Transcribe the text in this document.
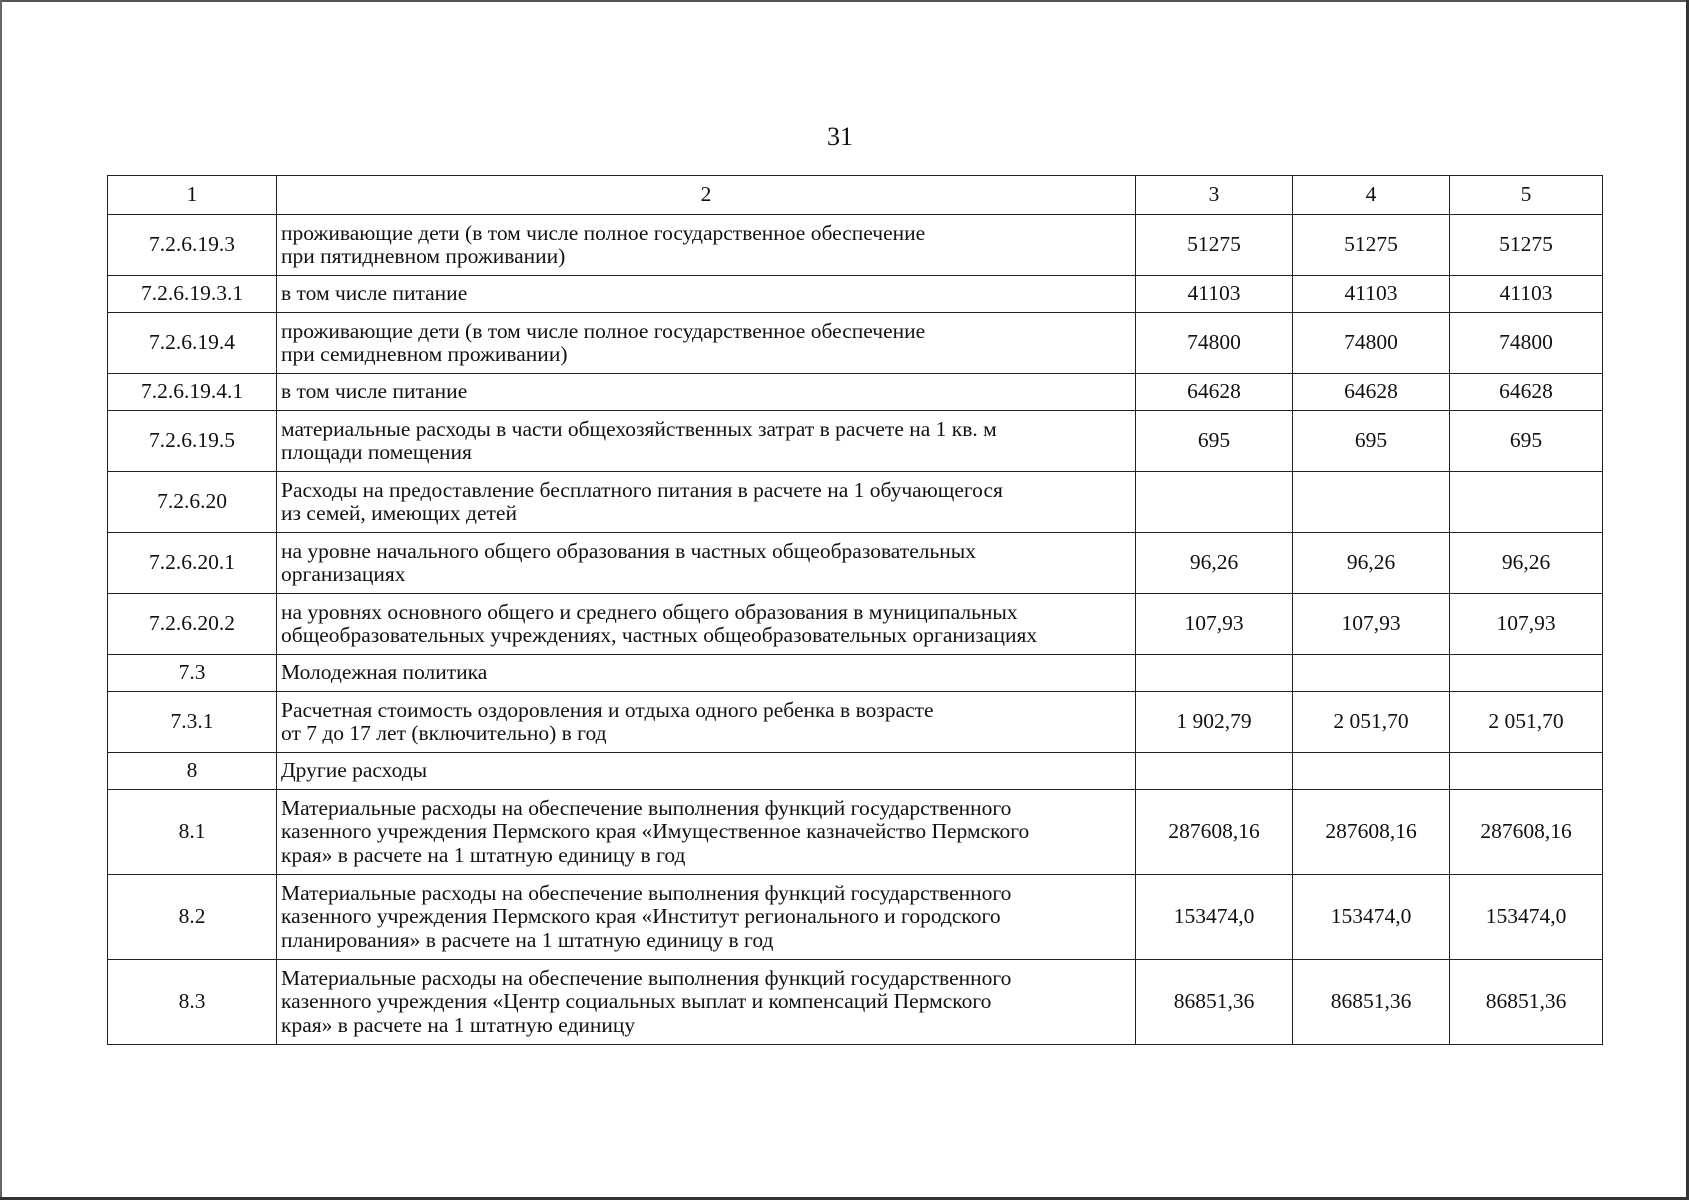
31
1	2	3	4	5
7.2.6.19.3	проживающие дети (в том числе полное государственное обеспечение
при пятидневном проживании)	51275	51275	51275
7.2.6.19.3.1	в том числе питание	41103	41103	41103
7.2.6.19.4	проживающие дети (в том числе полное государственное обеспечение
при семидневном проживании)	74800	74800	74800
7.2.6.19.4.1	в том числе питание	64628	64628	64628
7.2.6.19.5	материальные расходы в части общехозяйственных затрат в расчете на 1 кв. м
площади помещения	695	695	695
7.2.6.20	Расходы на предоставление бесплатного питания в расчете на 1 обучающегося
из семей, имеющих детей			
7.2.6.20.1	на уровне начального общего образования в частных общеобразовательных
организациях	96,26	96,26	96,26
7.2.6.20.2	на уровнях основного общего и среднего общего образования в муниципальных
общеобразовательных учреждениях, частных общеобразовательных организациях	107,93	107,93	107,93
7.3	Молодежная политика			
7.3.1	Расчетная стоимость оздоровления и отдыха одного ребенка в возрасте
от 7 до 17 лет (включительно) в год	1 902,79	2 051,70	2 051,70
8	Другие расходы			
8.1	Материальные расходы на обеспечение выполнения функций государственного
казенного учреждения Пермского края «Имущественное казначейство Пермского
края» в расчете на 1 штатную единицу в год	287608,16	287608,16	287608,16
8.2	Материальные расходы на обеспечение выполнения функций государственного
казенного учреждения Пермского края «Институт регионального и городского
планирования» в расчете на 1 штатную единицу в год	153474,0	153474,0	153474,0
8.3	Материальные расходы на обеспечение выполнения функций государственного
казенного учреждения «Центр социальных выплат и компенсаций Пермского
края» в расчете на 1 штатную единицу	86851,36	86851,36	86851,36
